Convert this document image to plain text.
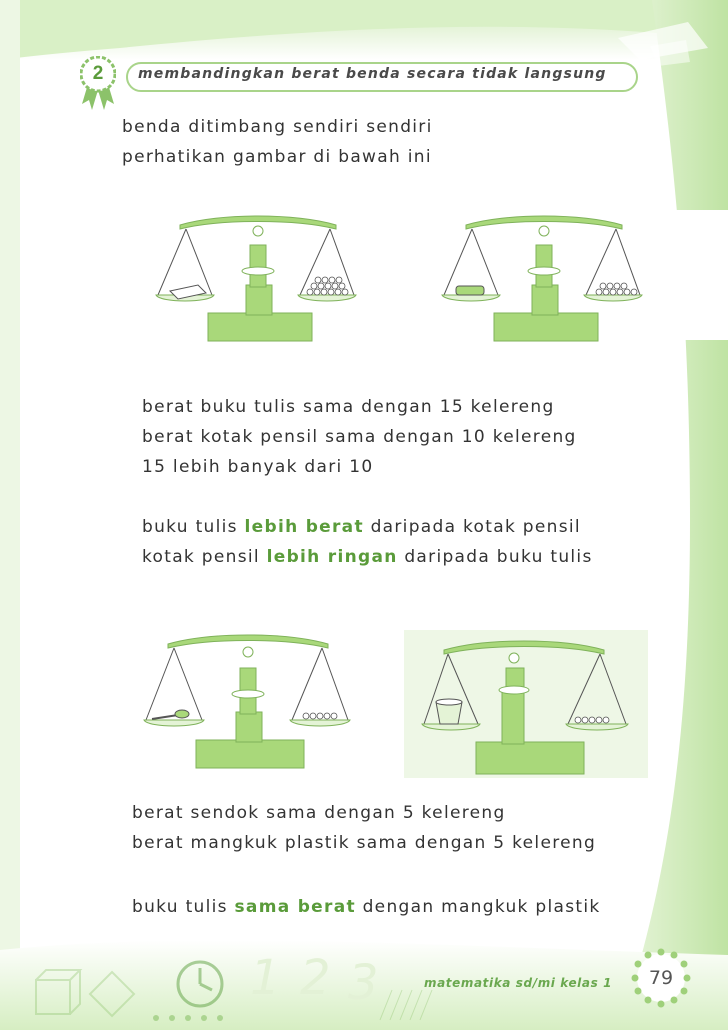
1 2 3
2	membandingkan berat benda secara tidak langsung
benda ditimbang sendiri sendiri
perhatikan gambar di bawah ini
berat buku tulis sama dengan 15 kelereng
berat kotak pensil sama dengan 10 kelereng
15 lebih banyak dari 10
buku tulis lebih berat daripada kotak pensil
kotak pensil lebih ringan daripada buku tulis
berat sendok sama dengan 5 kelereng
berat mangkuk plastik sama dengan 5 kelereng
buku tulis sama berat dengan mangkuk plastik
matematika sd/mi kelas 1	79
